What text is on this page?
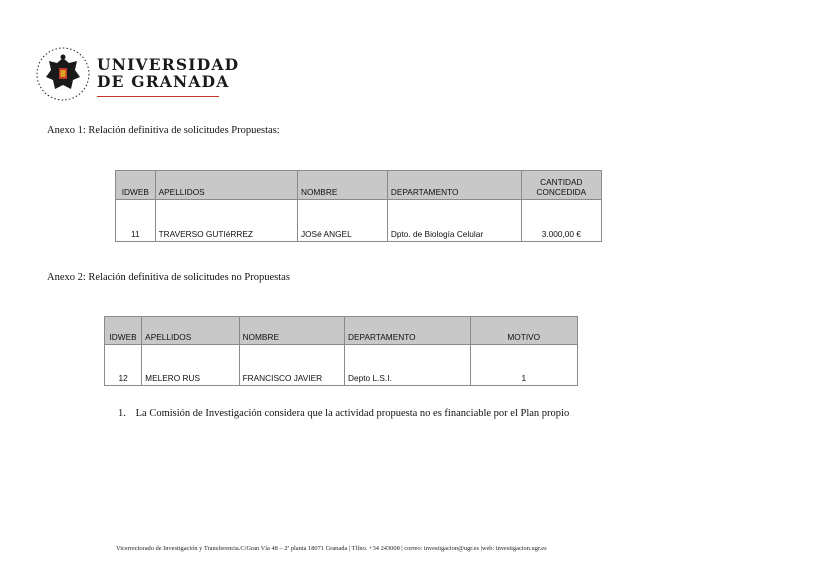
UNIVERSIDAD
DE GRANADA
Anexo 1: Relación definitiva de solicitudes Propuestas:
IDWEB	APELLIDOS	NOMBRE	DEPARTAMENTO	CANTIDAD CONCEDIDA
11	TRAVERSO GUTIéRREZ	JOSé ANGEL	Dpto. de Biología Celular	3.000,00 €
Anexo 2: Relación definitiva de solicitudes no Propuestas
IDWEB	APELLIDOS	NOMBRE	DEPARTAMENTO	MOTIVO
12	MELERO RUS	FRANCISCO JAVIER	Depto L.S.I.	1
1. La Comisión de Investigación considera que la actividad propuesta no es financiable por el Plan propio
Vicerrectorado de Investigación y Transferencia.C/Gran Vía 48 – 2ª planta 18071 Granada | Tlfno. +34 243008 | correo: investigacion@ugr.es |web: investigacion.ugr.es
